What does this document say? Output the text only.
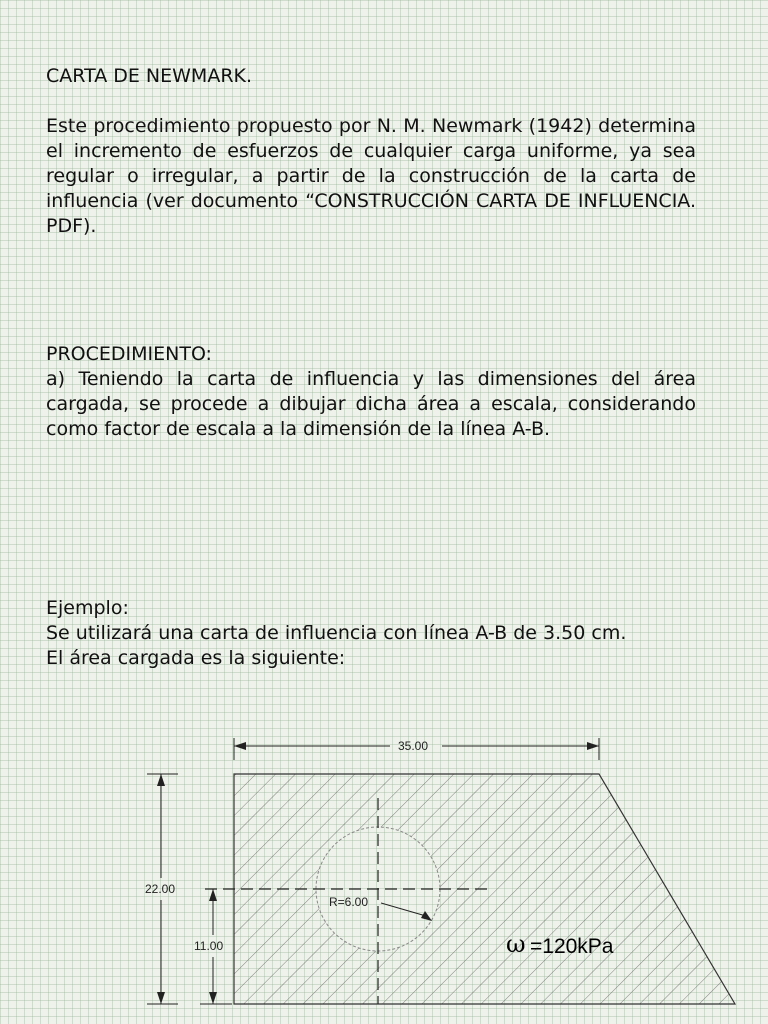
CARTA DE NEWMARK.

Este procedimiento propuesto por N. M. Newmark (1942) determina el incremento de esfuerzos de cualquier carga uniforme, ya sea regular o irregular, a partir de la construcción de la carta de influencia (ver documento “CONSTRUCCIÓN CARTA DE INFLUENCIA. PDF).

PROCEDIMIENTO:

a) Teniendo la carta de influencia y las dimensiones del área cargada, se procede a dibujar dicha área a escala, considerando como factor de escala a la dimensión de la línea A-B.

Ejemplo:

Se utilizará una carta de influencia con línea A-B de 3.50 cm.

El área cargada es la siguiente:

R=6.00
35.00
22.00
11.00	ω =120kPa
